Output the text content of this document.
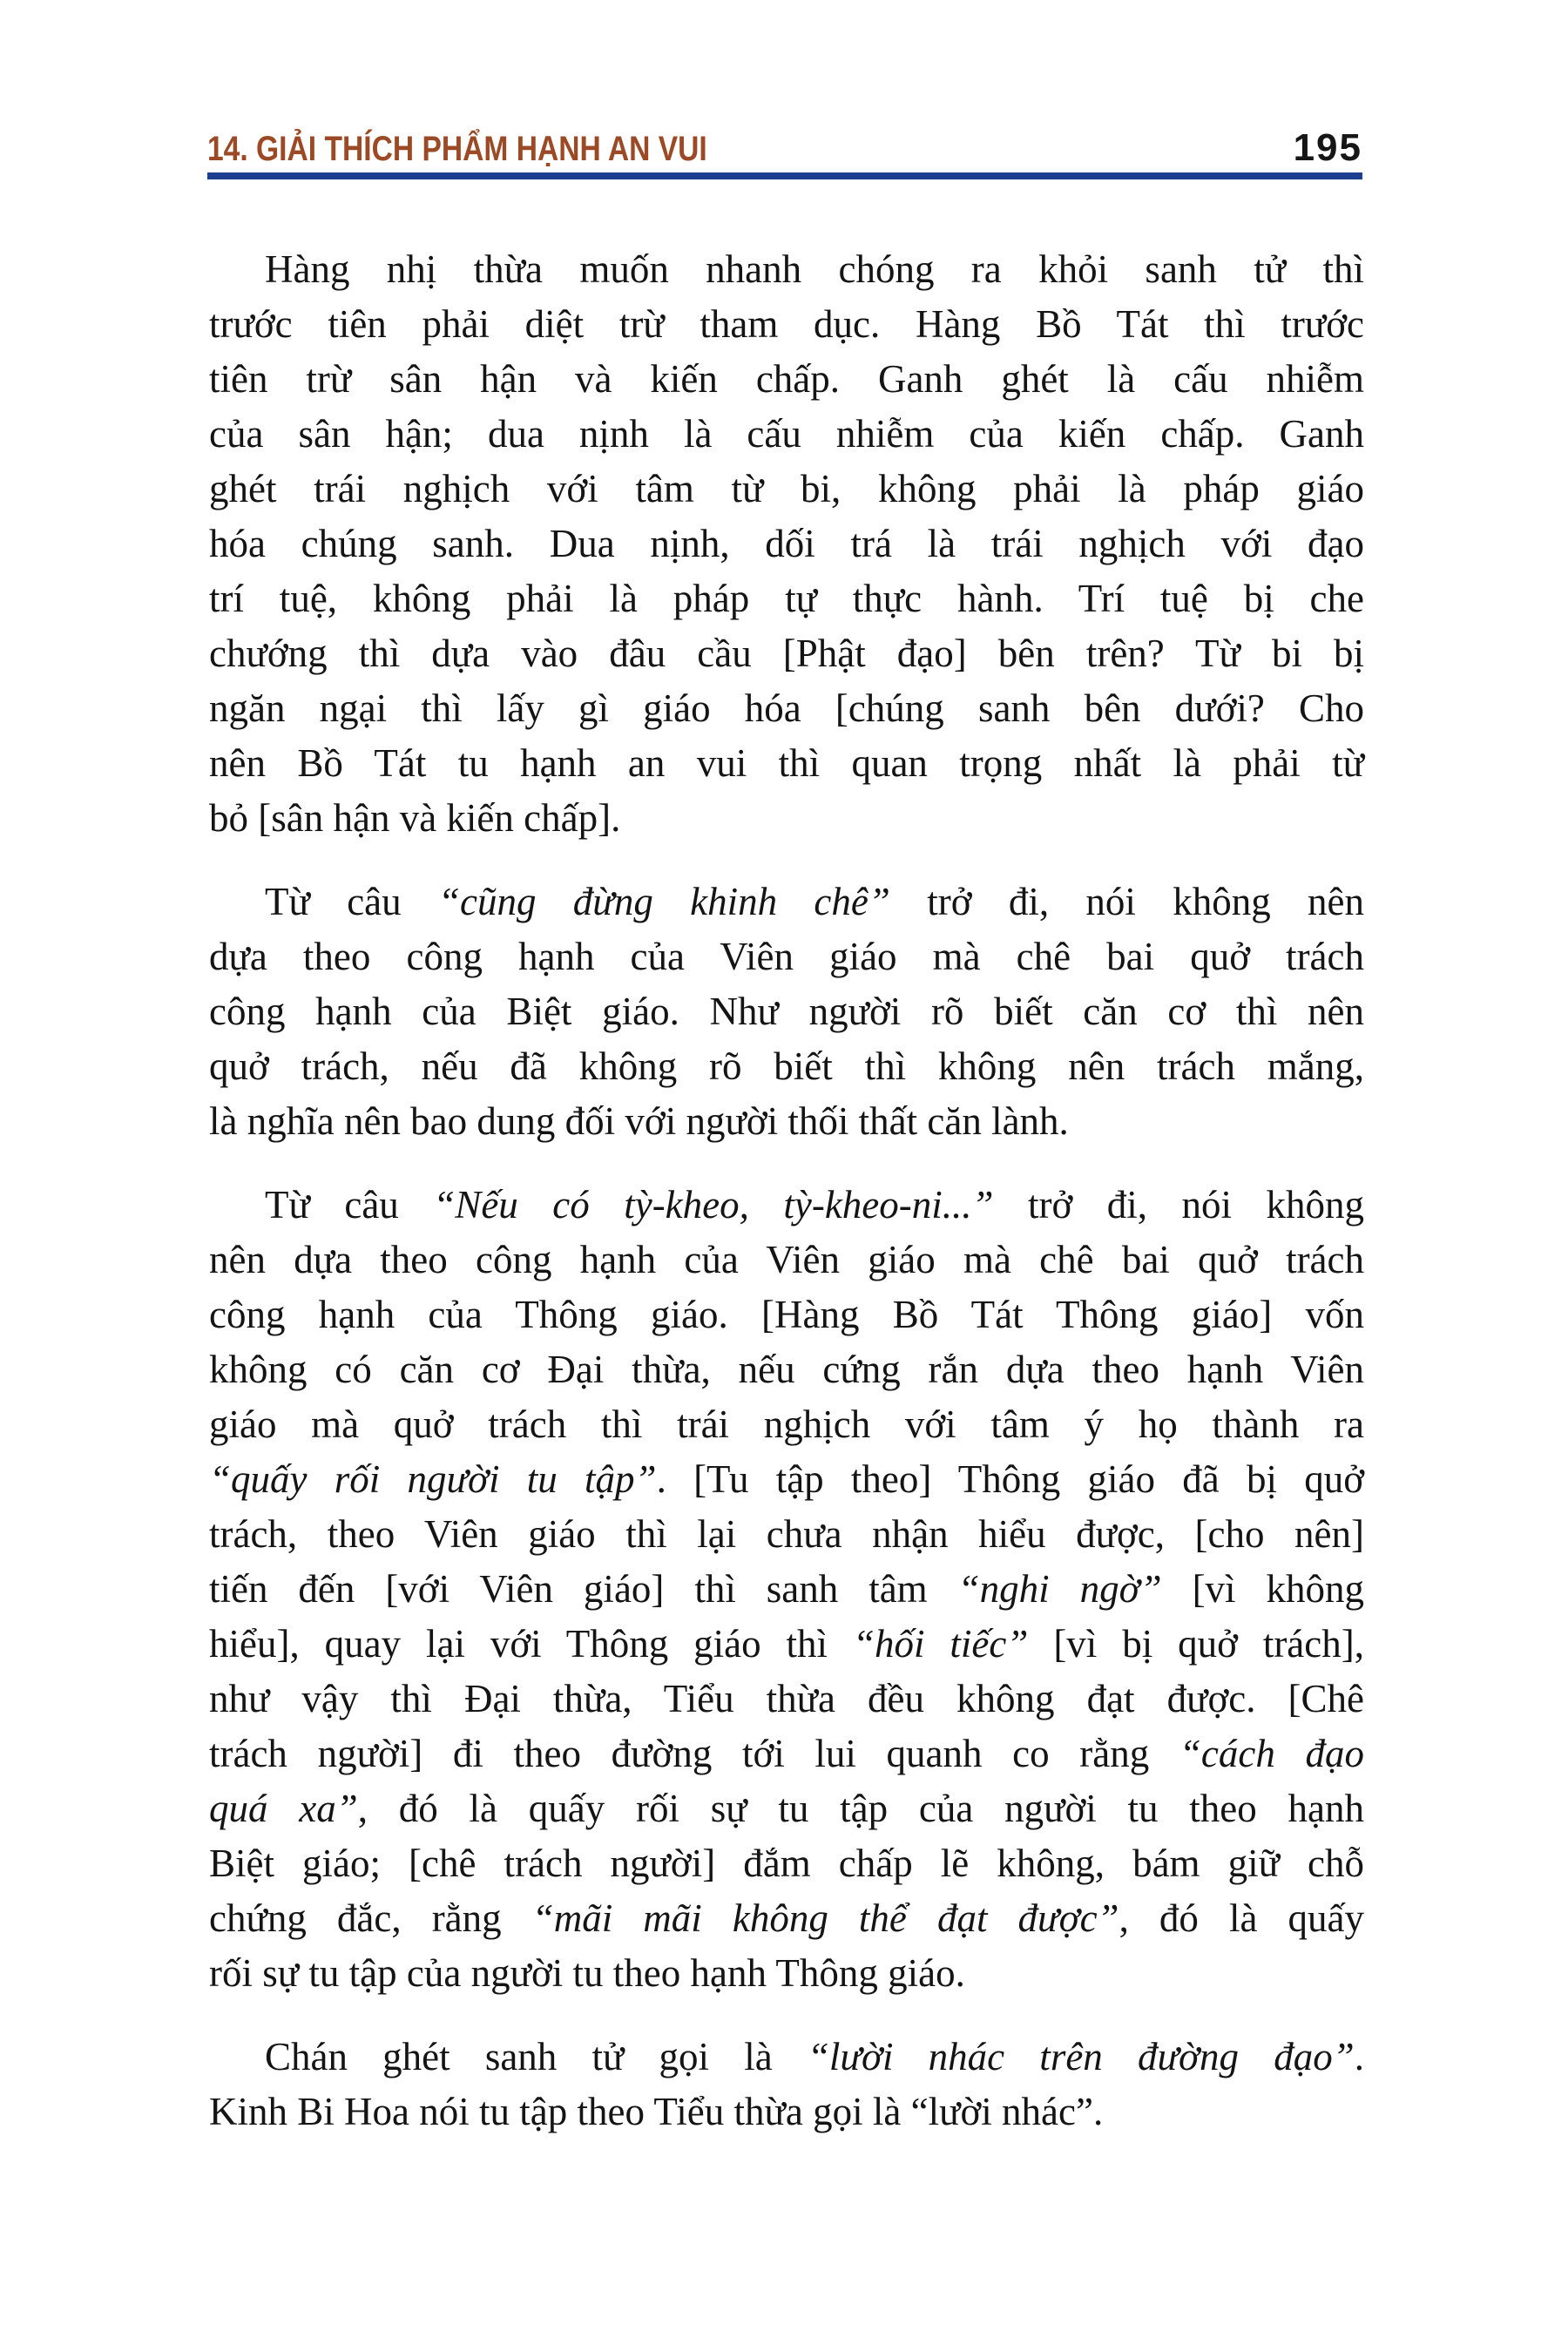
14. GIẢI THÍCH PHẨM HẠNH AN VUI	195
Hàng nhị thừa muốn nhanh chóng ra khỏi sanh tử thì
trước tiên phải diệt trừ tham dục. Hàng Bồ Tát thì trước
tiên trừ sân hận và kiến chấp. Ganh ghét là cấu nhiễm
của sân hận; dua nịnh là cấu nhiễm của kiến chấp. Ganh
ghét trái nghịch với tâm từ bi, không phải là pháp giáo
hóa chúng sanh. Dua nịnh, dối trá là trái nghịch với đạo
trí tuệ, không phải là pháp tự thực hành. Trí tuệ bị che
chướng thì dựa vào đâu cầu [Phật đạo] bên trên? Từ bi bị
ngăn ngại thì lấy gì giáo hóa [chúng sanh bên dưới? Cho
nên Bồ Tát tu hạnh an vui thì quan trọng nhất là phải từ
bỏ [sân hận và kiến chấp].
Từ câu “cũng đừng khinh chê” trở đi, nói không nên
dựa theo công hạnh của Viên giáo mà chê bai quở trách
công hạnh của Biệt giáo. Như người rõ biết căn cơ thì nên
quở trách, nếu đã không rõ biết thì không nên trách mắng,
là nghĩa nên bao dung đối với người thối thất căn lành.
Từ câu “Nếu có tỳ-kheo, tỳ-kheo-ni...” trở đi, nói không
nên dựa theo công hạnh của Viên giáo mà chê bai quở trách
công hạnh của Thông giáo. [Hàng Bồ Tát Thông giáo] vốn
không có căn cơ Đại thừa, nếu cứng rắn dựa theo hạnh Viên
giáo mà quở trách thì trái nghịch với tâm ý họ thành ra
“quấy rối người tu tập”. [Tu tập theo] Thông giáo đã bị quở
trách, theo Viên giáo thì lại chưa nhận hiểu được, [cho nên]
tiến đến [với Viên giáo] thì sanh tâm “nghi ngờ” [vì không
hiểu], quay lại với Thông giáo thì “hối tiếc” [vì bị quở trách],
như vậy thì Đại thừa, Tiểu thừa đều không đạt được. [Chê
trách người] đi theo đường tới lui quanh co rằng “cách đạo
quá xa”, đó là quấy rối sự tu tập của người tu theo hạnh
Biệt giáo; [chê trách người] đắm chấp lẽ không, bám giữ chỗ
chứng đắc, rằng “mãi mãi không thể đạt được”, đó là quấy
rối sự tu tập của người tu theo hạnh Thông giáo.
Chán ghét sanh tử gọi là “lười nhác trên đường đạo”.
Kinh Bi Hoa nói tu tập theo Tiểu thừa gọi là “lười nhác”.
